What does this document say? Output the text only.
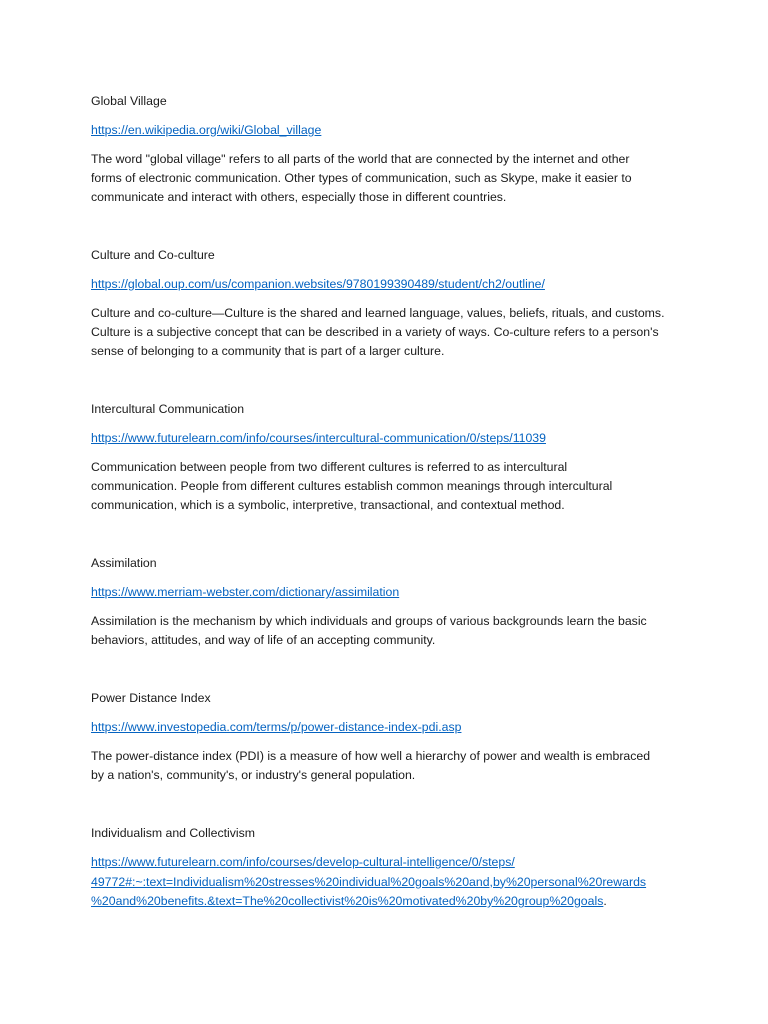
Global Village

https://en.wikipedia.org/wiki/Global_village

The word "global village" refers to all parts of the world that are connected by the internet and other
forms of electronic communication. Other types of communication, such as Skype, make it easier to
communicate and interact with others, especially those in different countries.

Culture and Co-culture

https://global.oup.com/us/companion.websites/9780199390489/student/ch2/outline/

Culture and co-culture—Culture is the shared and learned language, values, beliefs, rituals, and customs.
Culture is a subjective concept that can be described in a variety of ways. Co-culture refers to a person's
sense of belonging to a community that is part of a larger culture.

Intercultural Communication

https://www.futurelearn.com/info/courses/intercultural-communication/0/steps/11039

Communication between people from two different cultures is referred to as intercultural
communication. People from different cultures establish common meanings through intercultural
communication, which is a symbolic, interpretive, transactional, and contextual method.

Assimilation

https://www.merriam-webster.com/dictionary/assimilation

Assimilation is the mechanism by which individuals and groups of various backgrounds learn the basic
behaviors, attitudes, and way of life of an accepting community.

Power Distance Index

https://www.investopedia.com/terms/p/power-distance-index-pdi.asp

The power-distance index (PDI) is a measure of how well a hierarchy of power and wealth is embraced
by a nation's, community's, or industry's general population.

Individualism and Collectivism

https://www.futurelearn.com/info/courses/develop-cultural-intelligence/0/steps/
49772#:~:text=Individualism%20stresses%20individual%20goals%20and,by%20personal%20rewards
%20and%20benefits.&text=The%20collectivist%20is%20motivated%20by%20group%20goals.
